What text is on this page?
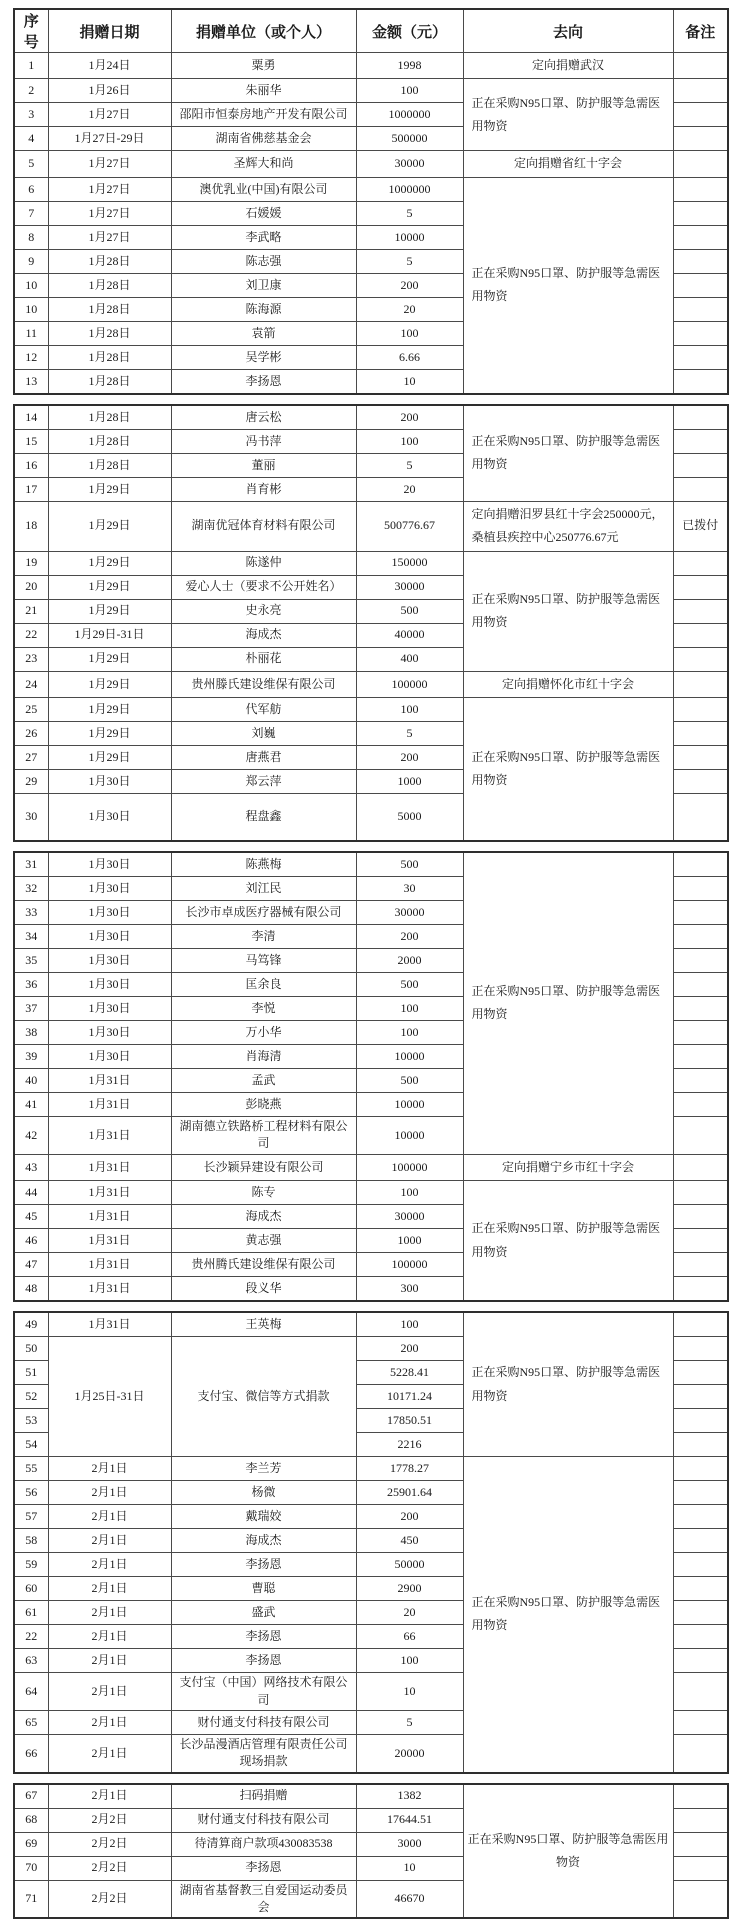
序号	捐赠日期	捐赠单位（或个人）	金额（元）	去向	备注
1	1月24日	粟勇	1998	定向捐赠武汉	
2	1月26日	朱丽华	100	正在采购N95口罩、防护服等急需医用物资	
3	1月27日	邵阳市恒泰房地产开发有限公司	1000000		
4	1月27日-29日	湖南省佛慈基金会	500000		
5	1月27日	圣辉大和尚	30000	定向捐赠省红十字会	
6	1月27日	澳优乳业(中国)有限公司	1000000	正在采购N95口罩、防护服等急需医用物资	
7	1月27日	石媛媛	5		
8	1月27日	李武略	10000		
9	1月28日	陈志强	5		
10	1月28日	刘卫康	200		
10	1月28日	陈海源	20		
11	1月28日	袁箭	100		
12	1月28日	吴学彬	6.66		
13	1月28日	李扬恩	10		
14	1月28日	唐云松	200	正在采购N95口罩、防护服等急需医用物资	
15	1月28日	冯书萍	100		
16	1月28日	董丽	5		
17	1月29日	肖育彬	20		
18	1月29日	湖南优冠体育材料有限公司	500776.67	定向捐赠汨罗县红十字会250000元，桑植县疾控中心250776.67元	已拨付
19	1月29日	陈遂仲	150000	正在采购N95口罩、防护服等急需医用物资	
20	1月29日	爱心人士（要求不公开姓名）	30000		
21	1月29日	史永亮	500		
22	1月29日-31日	海成杰	40000		
23	1月29日	朴丽花	400		
24	1月29日	贵州滕氏建设维保有限公司	100000	定向捐赠怀化市红十字会	
25	1月29日	代军舫	100	正在采购N95口罩、防护服等急需医用物资	
26	1月29日	刘巍	5		
27	1月29日	唐燕君	200		
29	1月30日	郑云萍	1000		
30	1月30日	程盘鑫	5000		
31	1月30日	陈燕梅	500	正在采购N95口罩、防护服等急需医用物资	
32	1月30日	刘江民	30		
33	1月30日	长沙市卓成医疗器械有限公司	30000		
34	1月30日	李清	200		
35	1月30日	马笃锋	2000		
36	1月30日	匡余良	500		
37	1月30日	李悦	100		
38	1月30日	万小华	100		
39	1月30日	肖海清	10000		
40	1月31日	孟武	500		
41	1月31日	彭晓燕	10000		
42	1月31日	湖南德立铁路桥工程材料有限公司	10000		
43	1月31日	长沙颖异建设有限公司	100000	定向捐赠宁乡市红十字会	
44	1月31日	陈专	100	正在采购N95口罩、防护服等急需医用物资	
45	1月31日	海成杰	30000		
46	1月31日	黄志强	1000		
47	1月31日	贵州腾氏建设维保有限公司	100000		
48	1月31日	段义华	300		
49	1月31日	王英梅	100	正在采购N95口罩、防护服等急需医用物资	
50	1月25日-31日	支付宝、微信等方式捐款	200		
51			5228.41		
52			10171.24		
53			17850.51		
54			2216		
55	2月1日	李兰芳	1778.27	正在采购N95口罩、防护服等急需医用物资	
56	2月1日	杨微	25901.64		
57	2月1日	戴瑞姣	200		
58	2月1日	海成杰	450		
59	2月1日	李扬恩	50000		
60	2月1日	曹聪	2900		
61	2月1日	盛武	20		
22	2月1日	李扬恩	66		
63	2月1日	李扬恩	100		
64	2月1日	支付宝（中国）网络技术有限公司	10		
65	2月1日	财付通支付科技有限公司	5		
66	2月1日	长沙品漫酒店管理有限责任公司现场捐款	20000		
67	2月1日	扫码捐赠	1382	正在采购N95口罩、防护服等急需医用物资	
68	2月2日	财付通支付科技有限公司	17644.51		
69	2月2日	待清算商户款项430083538	3000		
70	2月2日	李扬恩	10		
71	2月2日	湖南省基督教三自爱国运动委员会	46670		
